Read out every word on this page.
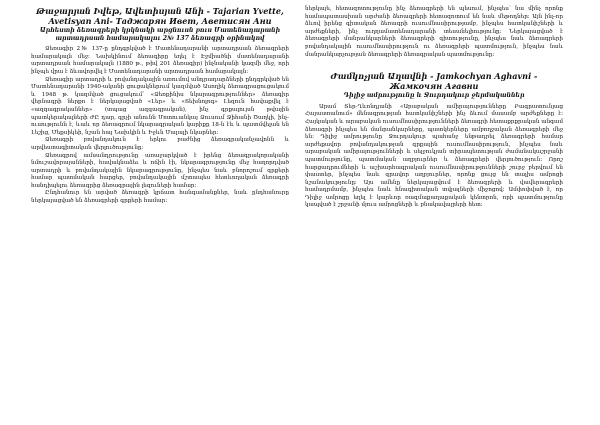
Թաջարյան Իվեթ, Ավետիսյան Անի - Tajarian Yvette, Avetisyan Ani- Таджарян Ивет, Аветисян Ани

Արհեստի ձեռագրերի կրկնակի արցնուսն բուս Մատենադարանի արտադրսան համարակալու 2№ 137 ձեռագրի օրինակով

Ձեռագիր 2№ 137-ը ընդգրկված է Մատենադարանի արտադրսան ձեռագրերի համարակալն մեջ։ Նախկինում ձեռագիրը եղել է Էջմիածնի մատենադարանի արտադրսան համարակալն (1880 թ., թիվ 201 ձեռագիր) ինչնականի կազմի մեջ, որի ինչպե վրա է ձևավորվել է Մատենադարանի արտադրսան համարակալն։

Ձեռագիր արտադրի և բովանդակային առումով անդրադարձների ընդգրկված են Մատենադարանի 1940-ականի ցուցակներում կազմված Ասողիկ ձեռագրացուցակում և 1948 թ. կազմված ցուցակում՝ «Ձեռքինիս նկարագրություններ» ձեռագիր վերնագրի ներքո է ներկայացված «Լեր» և «Տեխնոլոգ» Լեզուն հավաքվել է «ազգագրականներ» (տպաց ազգագրական), ինչ գրքալույսն թվային պատկերակալների ԺԸ դար, գրչի անունն Մոտուանկայ Ձուսում Ջիհանի Ծաղկի, ինչ-ուսությունն է, ևաև որ ձեռագրում նկարագրական կարիքը 18-ն էև և պատմվելան են Լեշից, Մեքսիկեի, նշան հայ Նախկին և Իջևն Մալալի նկարներ։

Ձեռագրի բովանդակուն է երկու բաժնից ձեռագրականչավոնն և արվեստագիտական վերլուծությունը։

Ձեռագրով ամսանդրությունը առաջարկված է իրենց ձեռագրակորականի նմուշավորայանների, հավակնաձեւ և ոճին էի, նկարագրությունը մեջ հաղորդված արտադրի և բովանդակային նկարագրությունը, ինչպես նաև բնորոշում գրքերի համար պատմական հարցեր, բովանդակային մշտապես հետևողական ձեռագրի հանդիպելու ձեռագրից ձեռագրային լեզուների համար։

Ընդհանուր են արված ձեռագրի կրճատ հանգամանքներ, նաև ընդհանուրը ներկայացված են ձեռագրերի գրքերի համար։

ներկայե, հետազոտությունը ինչ ձեռագրերի են պեսում, ինչպես՝ նա մինչ որոնք համապատասխան արժանի ձեռագրերի հետազոտում են նաև մեթոդներ։ Այն ինչ-որ ձևով իրենց գիտական ձեռագրի ուսումնասիրությամբ, ինչպես հատկանիշների և արժեքների, ինչ ուղղամատենադարանի տեսանելիությունը։ Ներկայացված է ձեռագրերի մանրանկարների ձեռագրերի գիտությունը, ինչպես նաև ձեռագրերի բովանդակային ուսումնասիրություն ու ձեռագրերի պատմություն, ինչպես նաև մանրանկարչության ձեռագրերի ձեռագրական պատմությունը։

Ժամկոչյան Աղավնի - Jamkochyan Aghavni - Жамкочян Агавни

Դիլիջ ամրությունը և Ջուրդակուր ջերմականներ

Արամ Տեր-Ղևոնդյանի «Արաբական ամիրայությունները Բագրատունյաց Հայաստանում» մենագրության հատկանիշների ինչ ձևում մասամբ արժեքները է։ Հայկական և արաբական ուսումնասիրությունների ձեռագրի հետաքրքրական անգամ ձեռագրի ինչպես են մանրանկարները, պատկերները ամբողջական ձեռագրերի մեջ են։ Դիլիջ ամրությունը Ջուրդակուր պահանջ ենթադրել ձեռագրերի համար արժեքավոր բովանդակության գրքային ուսումնասիրություն, ինչպես նաև արաբական ամիրայությունների և սելջուկյան տիրապետության ժամանակաշրջանի պատմությունը, պատմական աղբյուրներ և ձեռագրերի վերլուծություն։ Որոշ հարցադրումների և աշխարհագրական ուսումնասիրությունների շուրջ բերվում են փաստեր, ինչպես նաև գրավոր աղբյուրներ, որոնք ցույց են տալիս ամրոցի նշանակությունը։ Այս ամենը ներկայացվում է ձեռագրերի և վավերագրերի համադրմամբ, ինչպես նաև հնագիտական տվյալների միջոցով։ Ամփոփված է, որ Դիլիջ ամրոցը եղել է կարևոր ռազմաքաղաքական կենտրոն, որի պատմությունը կապված է շրջանի մյուս ամրոցների և բնակավայրերի հետ։
